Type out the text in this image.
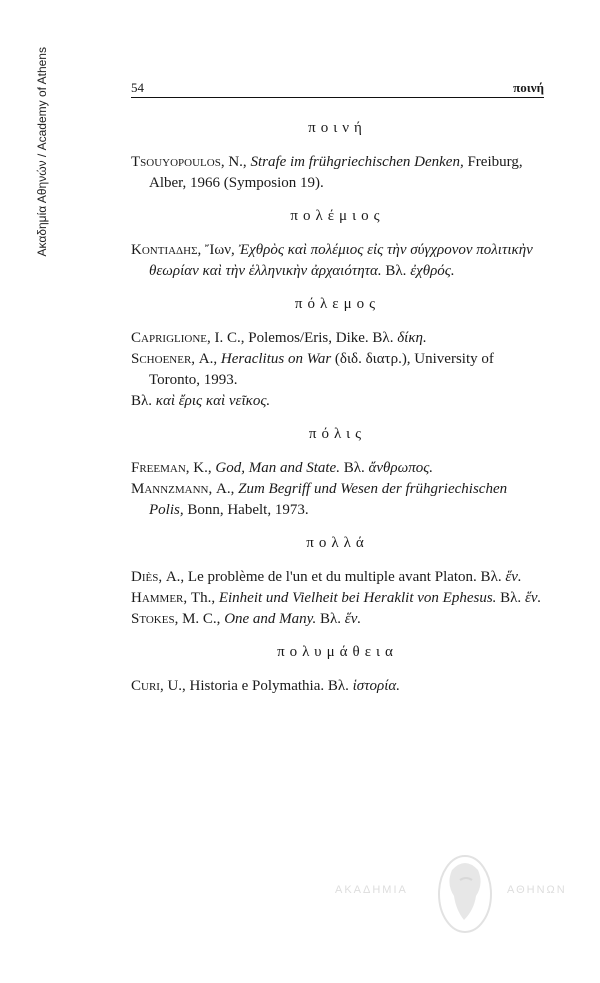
Ακαδημία Αθηνών / Academy of Athens	54	ποινή
ποινή

Tsouyopoulos, N., Strafe im frühgriechischen Denken, Freiburg, Alber, 1966 (Symposion 19).

πολέμιος

Κοντιαδης, Ἴων, Ἐχθρὸς καὶ πολέμιος εἰς τὴν σύγχρονον πολιτικὴν θεωρίαν καὶ τὴν ἑλληνικὴν ἀρχαιότητα. Βλ. ἐχθρός.

πόλεμος

Capriglione, I. C., Polemos/Eris, Dike. Βλ. δίκη.

Schoener, A., Heraclitus on War (διδ. διατρ.), University of Toronto, 1993.

Βλ. καὶ ἔρις καὶ νεῖκος.

πόλις

Freeman, K., God, Man and State. Βλ. ἄνθρωπος.

Mannzmann, A., Zum Begriff und Wesen der frühgriechischen Polis, Bonn, Habelt, 1973.

πολλά

Diès, A., Le problème de l'un et du multiple avant Platon. Βλ. ἕν.

Hammer, Th., Einheit und Vielheit bei Heraklit von Ephesus. Βλ. ἕν.

Stokes, M. C., One and Many. Βλ. ἕν.

πολυμάθεια

Curi, U., Historia e Polymathia. Βλ. ἱστορία.

ΑΚΑΔΗΜΙΑ	ΑΘΗΝΩΝ
